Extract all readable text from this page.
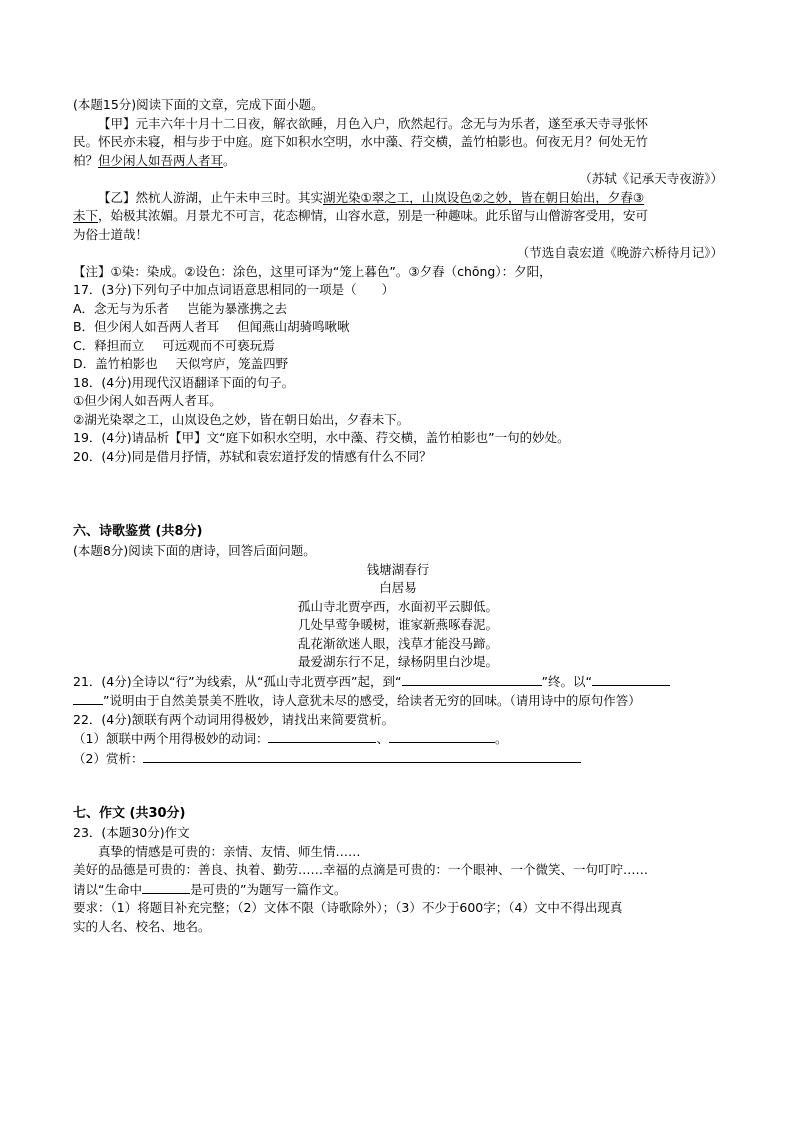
(本题15分)阅读下面的文章，完成下面小题。
【甲】元丰六年十月十二日夜，解衣欲睡，月色入户，欣然起行。念无与为乐者，遂至承天寺寻张怀
民。怀民亦未寝，相与步于中庭。庭下如积水空明，水中藻、荇交横，盖竹柏影也。何夜无月？何处无竹
柏？但少闲人如吾两人者耳。
（苏轼《记承天寺夜游》）
【乙】然杭人游湖，止午未申三时。其实湖光染①翠之工，山岚设色②之妙，皆在朝日始出，夕舂③
未下，始极其浓媚。月景尤不可言，花态柳情，山容水意，别是一种趣味。此乐留与山僧游客受用，安可
为俗士道哉！
（节选自袁宏道《晚游六桥待月记》）
【注】①染：染成。②设色：涂色，这里可译为“笼上暮色”。③夕舂（chōng）：夕阳，
17．(3分)下列句子中加点词语意思相同的一项是（　　）
A．念无与为乐者 岂能为暴涨携之去
B．但少闲人如吾两人者耳 但闻燕山胡骑鸣啾啾
C．释担而立 可远观而不可亵玩焉
D．盖竹柏影也 天似穹庐，笼盖四野
18．(4分)用现代汉语翻译下面的句子。
①但少闲人如吾两人者耳。
②湖光染翠之工，山岚设色之妙，皆在朝日始出，夕舂未下。
19．(4分)请品析【甲】文“庭下如积水空明，水中藻、荇交横，盖竹柏影也”一句的妙处。
20．(4分)同是借月抒情，苏轼和袁宏道抒发的情感有什么不同？
六、诗歌鉴赏 (共8分)
(本题8分)阅读下面的唐诗，回答后面问题。
钱塘湖春行
白居易
孤山寺北贾亭西，水面初平云脚低。
几处早莺争暖树，谁家新燕啄春泥。
乱花渐欲迷人眼，浅草才能没马蹄。
最爱湖东行不足，绿杨阴里白沙堤。
21．(4分)全诗以“行”为线索，从“孤山寺北贾亭西”起，到“	”终。以“
”说明由于自然美景美不胜收，诗人意犹未尽的感受，给读者无穷的回味。（请用诗中的原句作答）
22．(4分)颔联有两个动词用得极妙，请找出来简要赏析。
（1）颔联中两个用得极妙的动词：	、	。
（2）赏析：
七、作文 (共30分)
23．(本题30分)作文
真挚的情感是可贵的：亲情、友情、师生情……
美好的品德是可贵的：善良、执着、勤劳……幸福的点滴是可贵的：一个眼神、一个微笑、一句叮咛……
请以“生命中	是可贵的”为题写一篇作文。
要求：（1）将题目补充完整；（2）文体不限（诗歌除外）；（3）不少于600字；（4）文中不得出现真
实的人名、校名、地名。
